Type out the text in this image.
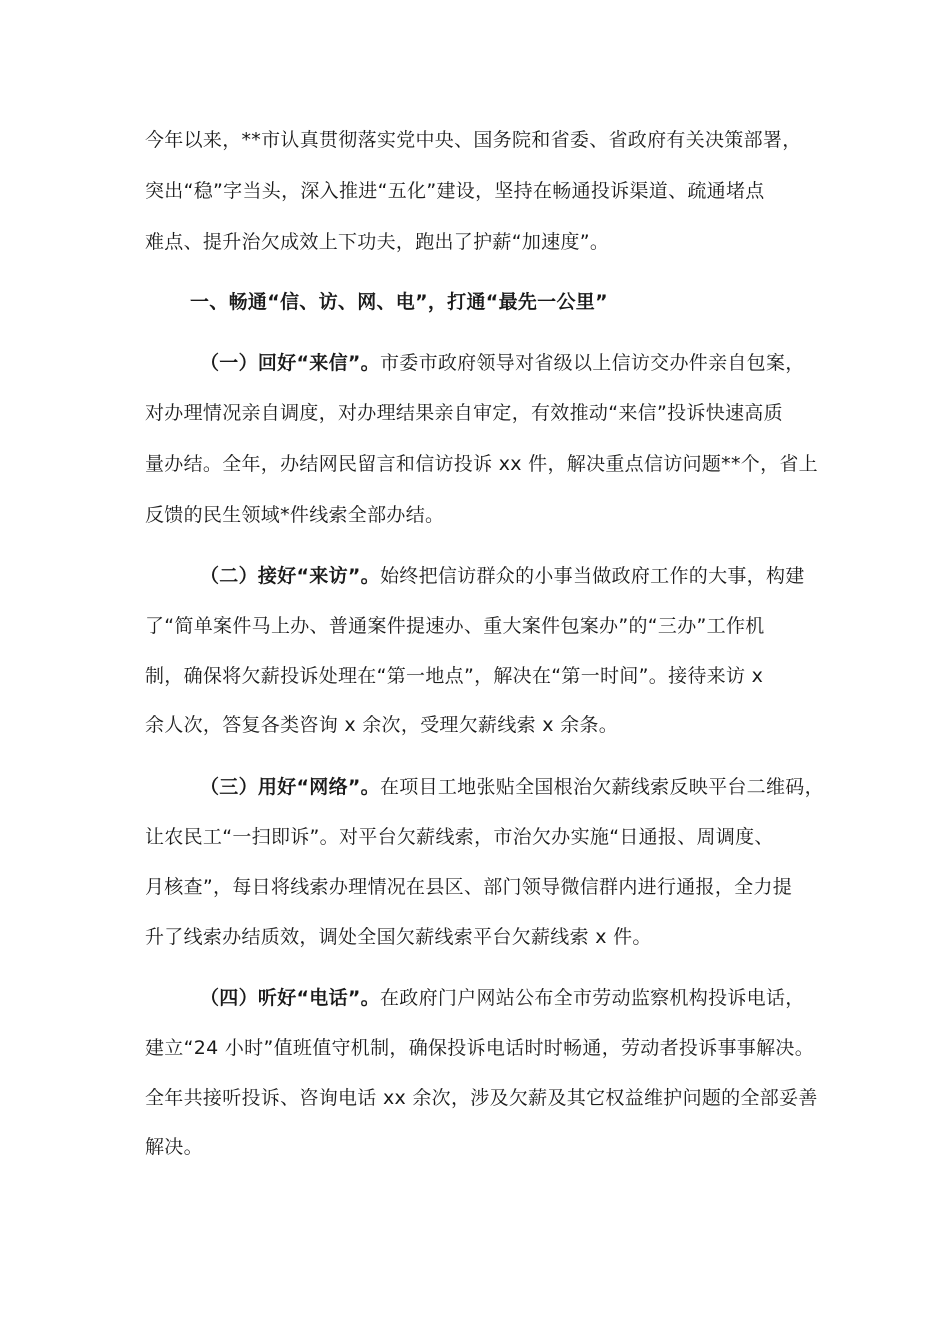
今年以来，**市认真贯彻落实党中央、国务院和省委、省政府有关决策部署，
突出“稳”字当头，深入推进“五化”建设，坚持在畅通投诉渠道、疏通堵点
难点、提升治欠成效上下功夫，跑出了护薪“加速度”。
一、畅通“信、访、网、电”，打通“最先一公里”
（一）回好“来信”。市委市政府领导对省级以上信访交办件亲自包案，
对办理情况亲自调度，对办理结果亲自审定，有效推动“来信”投诉快速高质
量办结。全年，办结网民留言和信访投诉 xx 件，解决重点信访问题**个，省上
反馈的民生领域*件线索全部办结。
（二）接好“来访”。始终把信访群众的小事当做政府工作的大事，构建
了“简单案件马上办、普通案件提速办、重大案件包案办”的“三办”工作机
制，确保将欠薪投诉处理在“第一地点”，解决在“第一时间”。接待来访 x
余人次，答复各类咨询 x 余次，受理欠薪线索 x 余条。
（三）用好“网络”。在项目工地张贴全国根治欠薪线索反映平台二维码，
让农民工“一扫即诉”。对平台欠薪线索，市治欠办实施“日通报、周调度、
月核查”，每日将线索办理情况在县区、部门领导微信群内进行通报，全力提
升了线索办结质效，调处全国欠薪线索平台欠薪线索 x 件。
（四）听好“电话”。在政府门户网站公布全市劳动监察机构投诉电话，
建立“24 小时”值班值守机制，确保投诉电话时时畅通，劳动者投诉事事解决。
全年共接听投诉、咨询电话 xx 余次，涉及欠薪及其它权益维护问题的全部妥善
解决。
